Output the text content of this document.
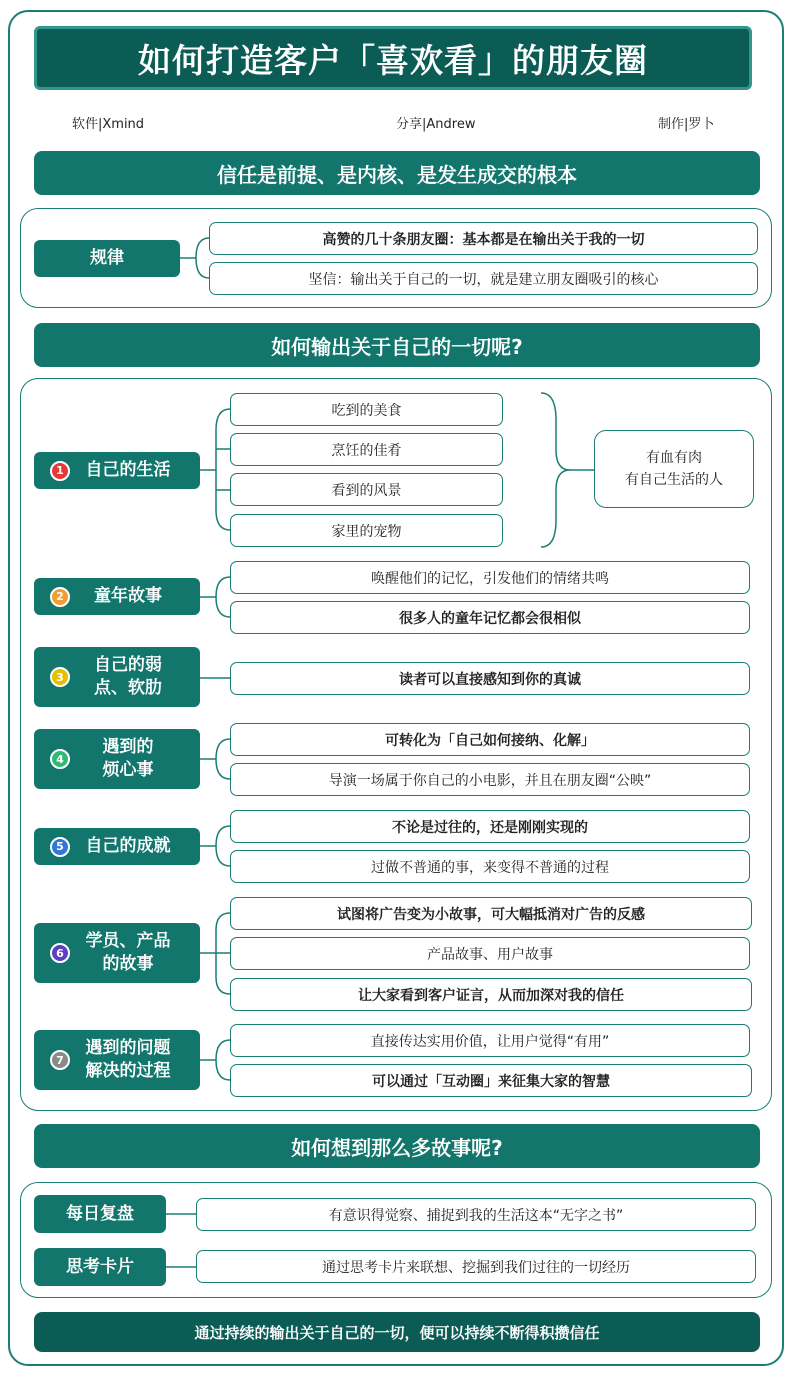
如何打造客户「喜欢看」的朋友圈
软件|Xmind	分享|Andrew	制作|罗卜
信任是前提、是内核、是发生成交的根本
规律
高赞的几十条朋友圈：基本都是在输出关于我的一切
坚信：输出关于自己的一切，就是建立朋友圈吸引的核心
如何输出关于自己的一切呢?
1	自己的生活
吃到的美食
烹饪的佳肴
看到的风景
家里的宠物
有血有肉
有自己生活的人
2	童年故事
唤醒他们的记忆，引发他们的情绪共鸣
很多人的童年记忆都会很相似
3
自己的弱
点、软肋	读者可以直接感知到你的真诚
4
遇到的
烦心事
可转化为「自己如何接纳、化解」
导演一场属于你自己的小电影，并且在朋友圈“公映”
5	自己的成就
不论是过往的，还是刚刚实现的
过做不普通的事，来变得不普通的过程
6
学员、产品
的故事
试图将广告变为小故事，可大幅抵消对广告的反感
产品故事、用户故事
让大家看到客户证言，从而加深对我的信任
7
遇到的问题
解决的过程
直接传达实用价值，让用户觉得“有用”
可以通过「互动圈」来征集大家的智慧
如何想到那么多故事呢?
每日复盘	有意识得觉察、捕捉到我的生活这本“无字之书”
思考卡片	通过思考卡片来联想、挖掘到我们过往的一切经历
通过持续的输出关于自己的一切，便可以持续不断得积攒信任
